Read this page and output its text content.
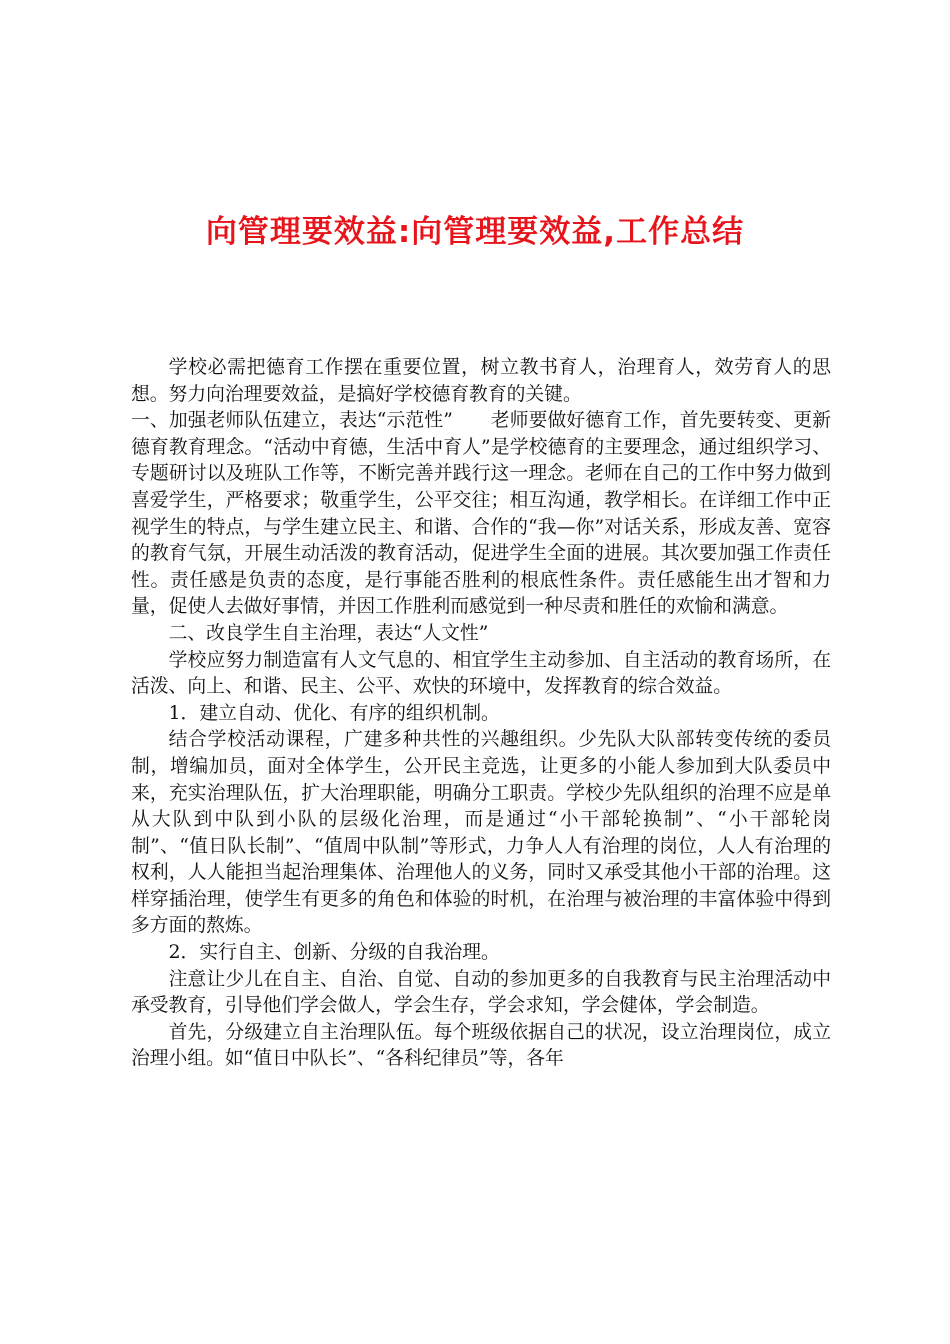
向管理要效益:向管理要效益,工作总结

学校必需把德育工作摆在重要位置，树立教书育人，治理育人，效劳育人的思想。努力向治理要效益，是搞好学校德育教育的关键。

一、加强老师队伍建立，表达“示范性”　　老师要做好德育工作，首先要转变、更新德育教育理念。“活动中育德，生活中育人”是学校德育的主要理念，通过组织学习、专题研讨以及班队工作等，不断完善并践行这一理念。老师在自己的工作中努力做到喜爱学生，严格要求；敬重学生，公平交往；相互沟通，教学相长。在详细工作中正视学生的特点，与学生建立民主、和谐、合作的“我—你”对话关系，形成友善、宽容的教育气氛，开展生动活泼的教育活动，促进学生全面的进展。其次要加强工作责任性。责任感是负责的态度，是行事能否胜利的根底性条件。责任感能生出才智和力量，促使人去做好事情，并因工作胜利而感觉到一种尽责和胜任的欢愉和满意。

二、改良学生自主治理，表达“人文性”

学校应努力制造富有人文气息的、相宜学生主动参加、自主活动的教育场所，在活泼、向上、和谐、民主、公平、欢快的环境中，发挥教育的综合效益。

1．建立自动、优化、有序的组织机制。

结合学校活动课程，广建多种共性的兴趣组织。少先队大队部转变传统的委员制，增编加员，面对全体学生，公开民主竞选，让更多的小能人参加到大队委员中来，充实治理队伍，扩大治理职能，明确分工职责。学校少先队组织的治理不应是单从大队到中队到小队的层级化治理，而是通过“小干部轮换制”、“小干部轮岗制”、“值日队长制”、“值周中队制”等形式，力争人人有治理的岗位，人人有治理的权利，人人能担当起治理集体、治理他人的义务，同时又承受其他小干部的治理。这样穿插治理，使学生有更多的角色和体验的时机，在治理与被治理的丰富体验中得到多方面的熬炼。

2．实行自主、创新、分级的自我治理。

注意让少儿在自主、自治、自觉、自动的参加更多的自我教育与民主治理活动中承受教育，引导他们学会做人，学会生存，学会求知，学会健体，学会制造。

首先，分级建立自主治理队伍。每个班级依据自己的状况，设立治理岗位，成立治理小组。如“值日中队长”、“各科纪律员”等，各年
